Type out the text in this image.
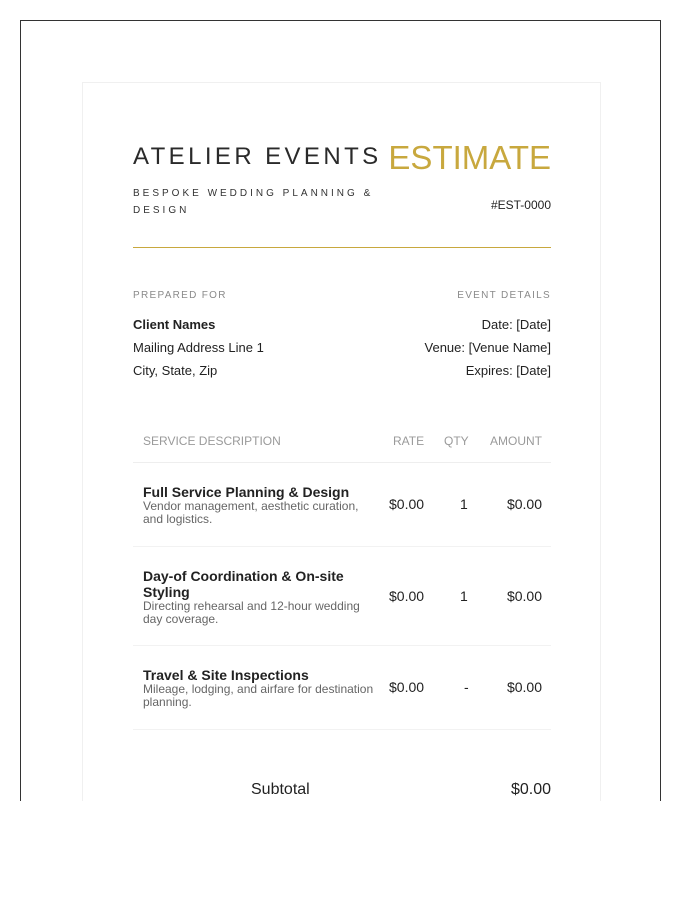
ATELIER EVENTS ESTIMATE
BESPOKE WEDDING PLANNING & DESIGN	#EST-0000
PREPARED FOR
Client Names
Mailing Address Line 1
City, State, Zip
EVENT DETAILS
Date: [Date]
Venue: [Venue Name]
Expires: [Date]
SERVICE DESCRIPTION	RATE QTY AMOUNT
Full Service Planning & Design
Vendor management, aesthetic curation, and logistics.
$0.00	1	$0.00
Day-of Coordination & On-site Styling
Directing rehearsal and 12-hour wedding day coverage.
$0.00	1	$0.00
Travel & Site Inspections
Mileage, lodging, and airfare for destination planning.
$0.00	-	$0.00
Subtotal	$0.00
